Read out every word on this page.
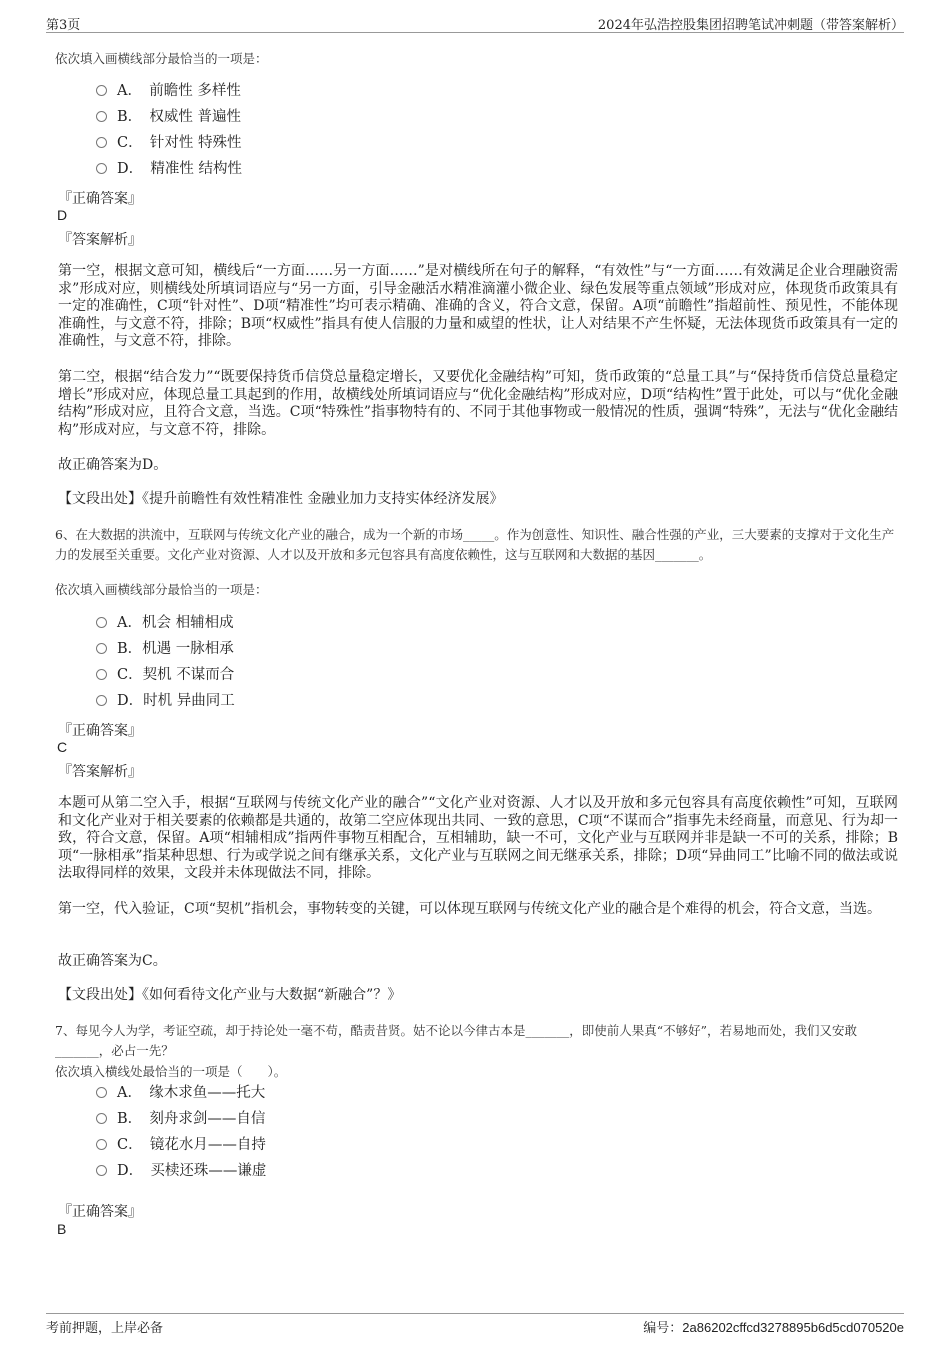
第3页	2024年弘浩控股集团招聘笔试冲刺题（带答案解析）
依次填入画横线部分最恰当的一项是：
A．　前瞻性 多样性
B．　权威性 普遍性
C．　针对性 特殊性
D．　精准性 结构性
『正确答案』
D
『答案解析』
第一空，根据文意可知，横线后“一方面……另一方面……”是对横线所在句子的解释，“有效性”与“一方面……有效满足企业合理融资需求”形成对应，则横线处所填词语应与“另一方面，引导金融活水精准滴灌小微企业、绿色发展等重点领域”形成对应，体现货币政策具有一定的准确性，C项“针对性”、D项“精准性”均可表示精确、准确的含义，符合文意，保留。A项“前瞻性”指超前性、预见性，不能体现准确性，与文意不符，排除；B项“权威性”指具有使人信服的力量和威望的性状，让人对结果不产生怀疑，无法体现货币政策具有一定的准确性，与文意不符，排除。
第二空，根据“结合发力”“既要保持货币信贷总量稳定增长，又要优化金融结构”可知，货币政策的“总量工具”与“保持货币信贷总量稳定增长”形成对应，体现总量工具起到的作用，故横线处所填词语应与“优化金融结构”形成对应，D项“结构性”置于此处，可以与“优化金融结构”形成对应，且符合文意，当选。C项“特殊性”指事物特有的、不同于其他事物或一般情况的性质，强调“特殊”，无法与“优化金融结构”形成对应，与文意不符，排除。
故正确答案为D。
【文段出处】《提升前瞻性有效性精准性 金融业加力支持实体经济发展》
6、在大数据的洪流中，互联网与传统文化产业的融合，成为一个新的市场_____。作为创意性、知识性、融合性强的产业，三大要素的支撑对于文化生产力的发展至关重要。文化产业对资源、人才以及开放和多元包容具有高度依赖性，这与互联网和大数据的基因_______。
依次填入画横线部分最恰当的一项是：
A．机会 相辅相成
B．机遇 一脉相承
C．契机 不谋而合
D．时机 异曲同工
『正确答案』
C
『答案解析』
本题可从第二空入手，根据“互联网与传统文化产业的融合”“文化产业对资源、人才以及开放和多元包容具有高度依赖性”可知，互联网和文化产业对于相关要素的依赖都是共通的，故第二空应体现出共同、一致的意思，C项“不谋而合”指事先未经商量，而意见、行为却一致，符合文意，保留。A项“相辅相成”指两件事物互相配合，互相辅助，缺一不可，文化产业与互联网并非是缺一不可的关系，排除；B项“一脉相承”指某种思想、行为或学说之间有继承关系，文化产业与互联网之间无继承关系，排除；D项“异曲同工”比喻不同的做法或说法取得同样的效果，文段并未体现做法不同，排除。
第一空，代入验证，C项“契机”指机会，事物转变的关键，可以体现互联网与传统文化产业的融合是个难得的机会，符合文意，当选。
故正确答案为C。
【文段出处】《如何看待文化产业与大数据“新融合”？》
7、每见今人为学，考证空疏，却于持论处一毫不苟，酷责昔贤。姑不论以今律古本是_______，即使前人果真“不够好”，若易地而处，我们又安敢_______，必占一先？
依次填入横线处最恰当的一项是（　　）。
A．　缘木求鱼——托大
B．　刻舟求剑——自信
C．　镜花水月——自持
D．　买椟还珠——谦虚
『正确答案』
B
考前押题，上岸必备	编号：2a86202cffcd3278895b6d5cd070520e
